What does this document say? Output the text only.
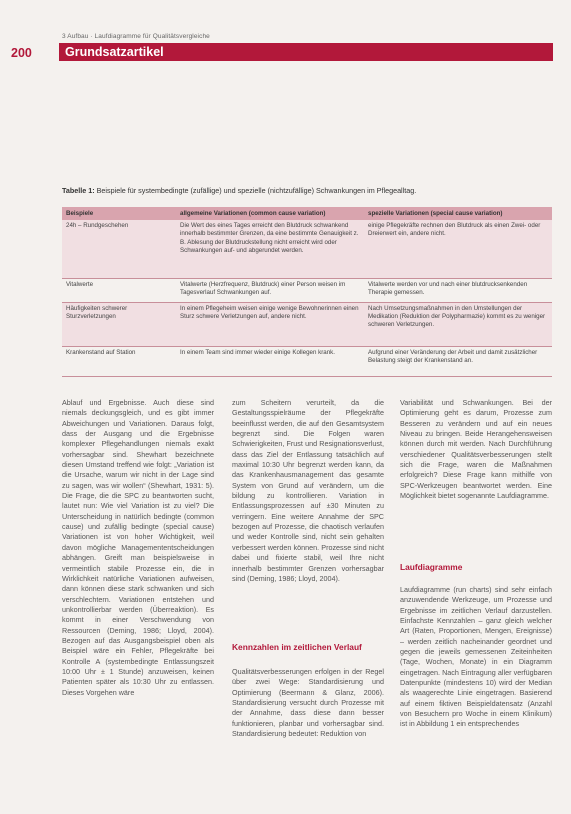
3 Aufbau · Laufdiagramme für Qualitätsvergleiche
200	Grundsatzartikel
Tabelle 1: Beispiele für systembedingte (zufällige) und spezielle (nichtzufällige) Schwankungen im Pflegealltag.
Beispiele	allgemeine Variationen (common cause variation)	spezielle Variationen (special cause variation)
24h – Rundgeschehen	Die Wert des eines Tages erreicht den Blutdruck schwankend innerhalb bestimmter Grenzen, da eine bestimmte Genauigkeit z. B. Ablesung der Blutdruckstellung nicht erreicht wird oder Schwankungen auf- und abgerundet werden.	einige Pflegekräfte rechnen den Blutdruck als einen Zwei- oder Dreierwert ein, andere nicht.
Vitalwerte	Vitalwerte (Herzfrequenz, Blutdruck) einer Person weisen im Tagesverlauf Schwankungen auf.	Vitalwerte werden vor und nach einer blutdrucksenkenden Therapie gemessen.
Häufigkeiten schwerer Sturzverletzungen	In einem Pflegeheim weisen einige wenige Bewohnerinnen einen Sturz schwere Verletzungen auf, andere nicht.	Nach Umsetzungsmaßnahmen in den Umstellungen der Medikation (Reduktion der Polypharmazie) kommt es zu weniger schweren Verletzungen.
Krankenstand auf Station	In einem Team sind immer wieder einige Kollegen krank.	Aufgrund einer Veränderung der Arbeit und damit zusätzlicher Belastung steigt der Krankenstand an.

Ablauf und Ergebnisse. Auch diese sind niemals deckungsgleich, und es gibt immer Abweichungen und Variationen. Daraus folgt, dass der Ausgang und die Ergebnisse komplexer Pflegehandlungen niemals exakt vorhersagbar sind. Shewhart bezeichnete diesen Umstand treffend wie folgt: „Variation ist die Ursache, warum wir nicht in der Lage sind zu sagen, was wir wollen“ (Shewhart, 1931: 5). Die Frage, die die SPC zu beantworten sucht, lautet nun: Wie viel Variation ist zu viel? Die Unterscheidung in natürlich bedingte (common cause) und zufällig bedingte (special cause) Variationen ist von hoher Wichtigkeit, weil davon mögliche Managemententscheidungen abhängen. Greift man beispielsweise in vermeintlich stabile Prozesse ein, die in Wirklichkeit natürliche Variationen aufweisen, dann können diese stark schwanken und sich verschlechtern. Variationen entstehen und unkontrollierbar werden (Überreaktion). Es kommt in einer Verschwendung von Ressourcen (Deming, 1986; Lloyd, 2004). Bezogen auf das Ausgangsbeispiel oben als Beispiel wäre ein Fehler, Pflegekräfte bei Kontrolle A (systembedingte Entlassungszeit 10:00 Uhr ± 1 Stunde) anzuweisen, keinen Patienten später als 10:30 Uhr zu entlassen. Dieses Vorgehen wäre

zum Scheitern verurteilt, da die Gestaltungsspielräume der Pflegekräfte beeinflusst werden, die auf den Gesamtsystem begrenzt sind. Die Folgen waren Schwierigkeiten, Frust und Resignationsverlust, dass das Ziel der Entlassung tatsächlich auf maximal 10:30 Uhr begrenzt werden kann, da das Krankenhausmanagement das gesamte System von Grund auf verändern, um die bildung zu kontrollieren. Variation in Entlassungsprozessen auf ±30 Minuten zu verringern. Eine weitere Annahme der SPC bezogen auf Prozesse, die chaotisch verlaufen und weder Kontrolle sind, nicht sein gehalten verbessert werden können. Prozesse sind nicht dabei und fixierte stabil, weil Ihre nicht innerhalb bestimmter Grenzen vorhersagbar sind (Deming, 1986; Lloyd, 2004).

Kennzahlen im zeitlichen Verlauf

Qualitätsverbesserungen erfolgen in der Regel über zwei Wege: Standardisierung und Optimierung (Beermann & Glanz, 2006). Standardisierung versucht durch Prozesse mit der Annahme, dass diese dann besser funktionieren, planbar und vorhersagbar sind. Standardisierung bedeutet: Reduktion von

Variabilität und Schwankungen. Bei der Optimierung geht es darum, Prozesse zum Besseren zu verändern und auf ein neues Niveau zu bringen. Beide Herangehensweisen können durch mit werden. Nach Durchführung verschiedener Qualitätsverbesserungen stellt sich die Frage, waren die Maßnahmen erfolgreich? Diese Frage kann mithilfe von SPC-Werkzeugen beantwortet werden. Eine Möglichkeit bietet sogenannte Laufdiagramme.

Laufdiagramme

Laufdiagramme (run charts) sind sehr einfach anzuwendende Werkzeuge, um Prozesse und Ergebnisse im zeitlichen Verlauf darzustellen. Einfachste Kennzahlen – ganz gleich welcher Art (Raten, Proportionen, Mengen, Ereignisse) – werden zeitlich nacheinander geordnet und gegen die jeweils gemessenen Zeiteinheiten (Tage, Wochen, Monate) in ein Diagramm eingetragen. Nach Eintragung aller verfügbaren Datenpunkte (mindestens 10) wird der Median als waagerechte Linie eingetragen. Basierend auf einem fiktiven Beispieldatensatz (Anzahl von Besuchern pro Woche in einem Klinikum) ist in Abbildung 1 ein entsprechendes
